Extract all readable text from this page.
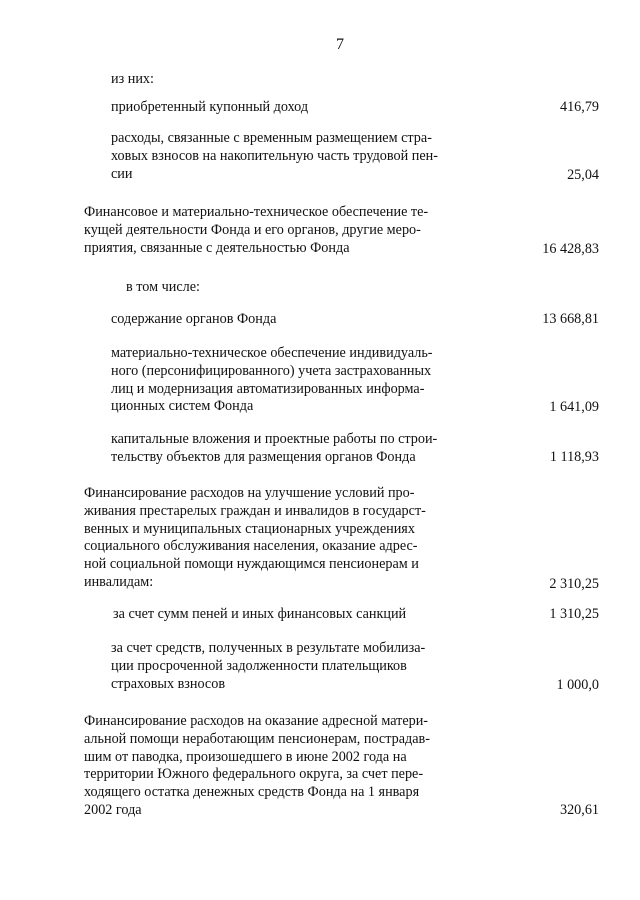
7
из них:
приобретенный купонный доход	416,79
расходы, связанные с временным размещением стра-
ховых взносов на накопительную часть трудовой пен-
сии	25,04
Финансовое и материально-техническое обеспечение те-
кущей деятельности Фонда и его органов, другие меро-
приятия, связанные с деятельностью Фонда	16 428,83
в том числе:
содержание органов Фонда	13 668,81
материально-техническое обеспечение индивидуаль-
ного (персонифицированного) учета застрахованных
лиц и модернизация автоматизированных информа-
ционных систем Фонда	1 641,09
капитальные вложения и проектные работы по строи-
тельству объектов для размещения органов Фонда	1 118,93
Финансирование расходов на улучшение условий про-
живания престарелых граждан и инвалидов в государст-
венных и муниципальных стационарных учреждениях
социального обслуживания населения, оказание адрес-
ной социальной помощи нуждающимся пенсионерам и
инвалидам:	2 310,25
за счет сумм пеней и иных финансовых санкций	1 310,25
за счет средств, полученных в результате мобилиза-
ции просроченной задолженности плательщиков
страховых взносов	1 000,0
Финансирование расходов на оказание адресной матери-
альной помощи неработающим пенсионерам, пострадав-
шим от паводка, произошедшего в июне 2002 года на
территории Южного федерального округа, за счет пере-
ходящего остатка денежных средств Фонда на 1 января
2002 года	320,61
